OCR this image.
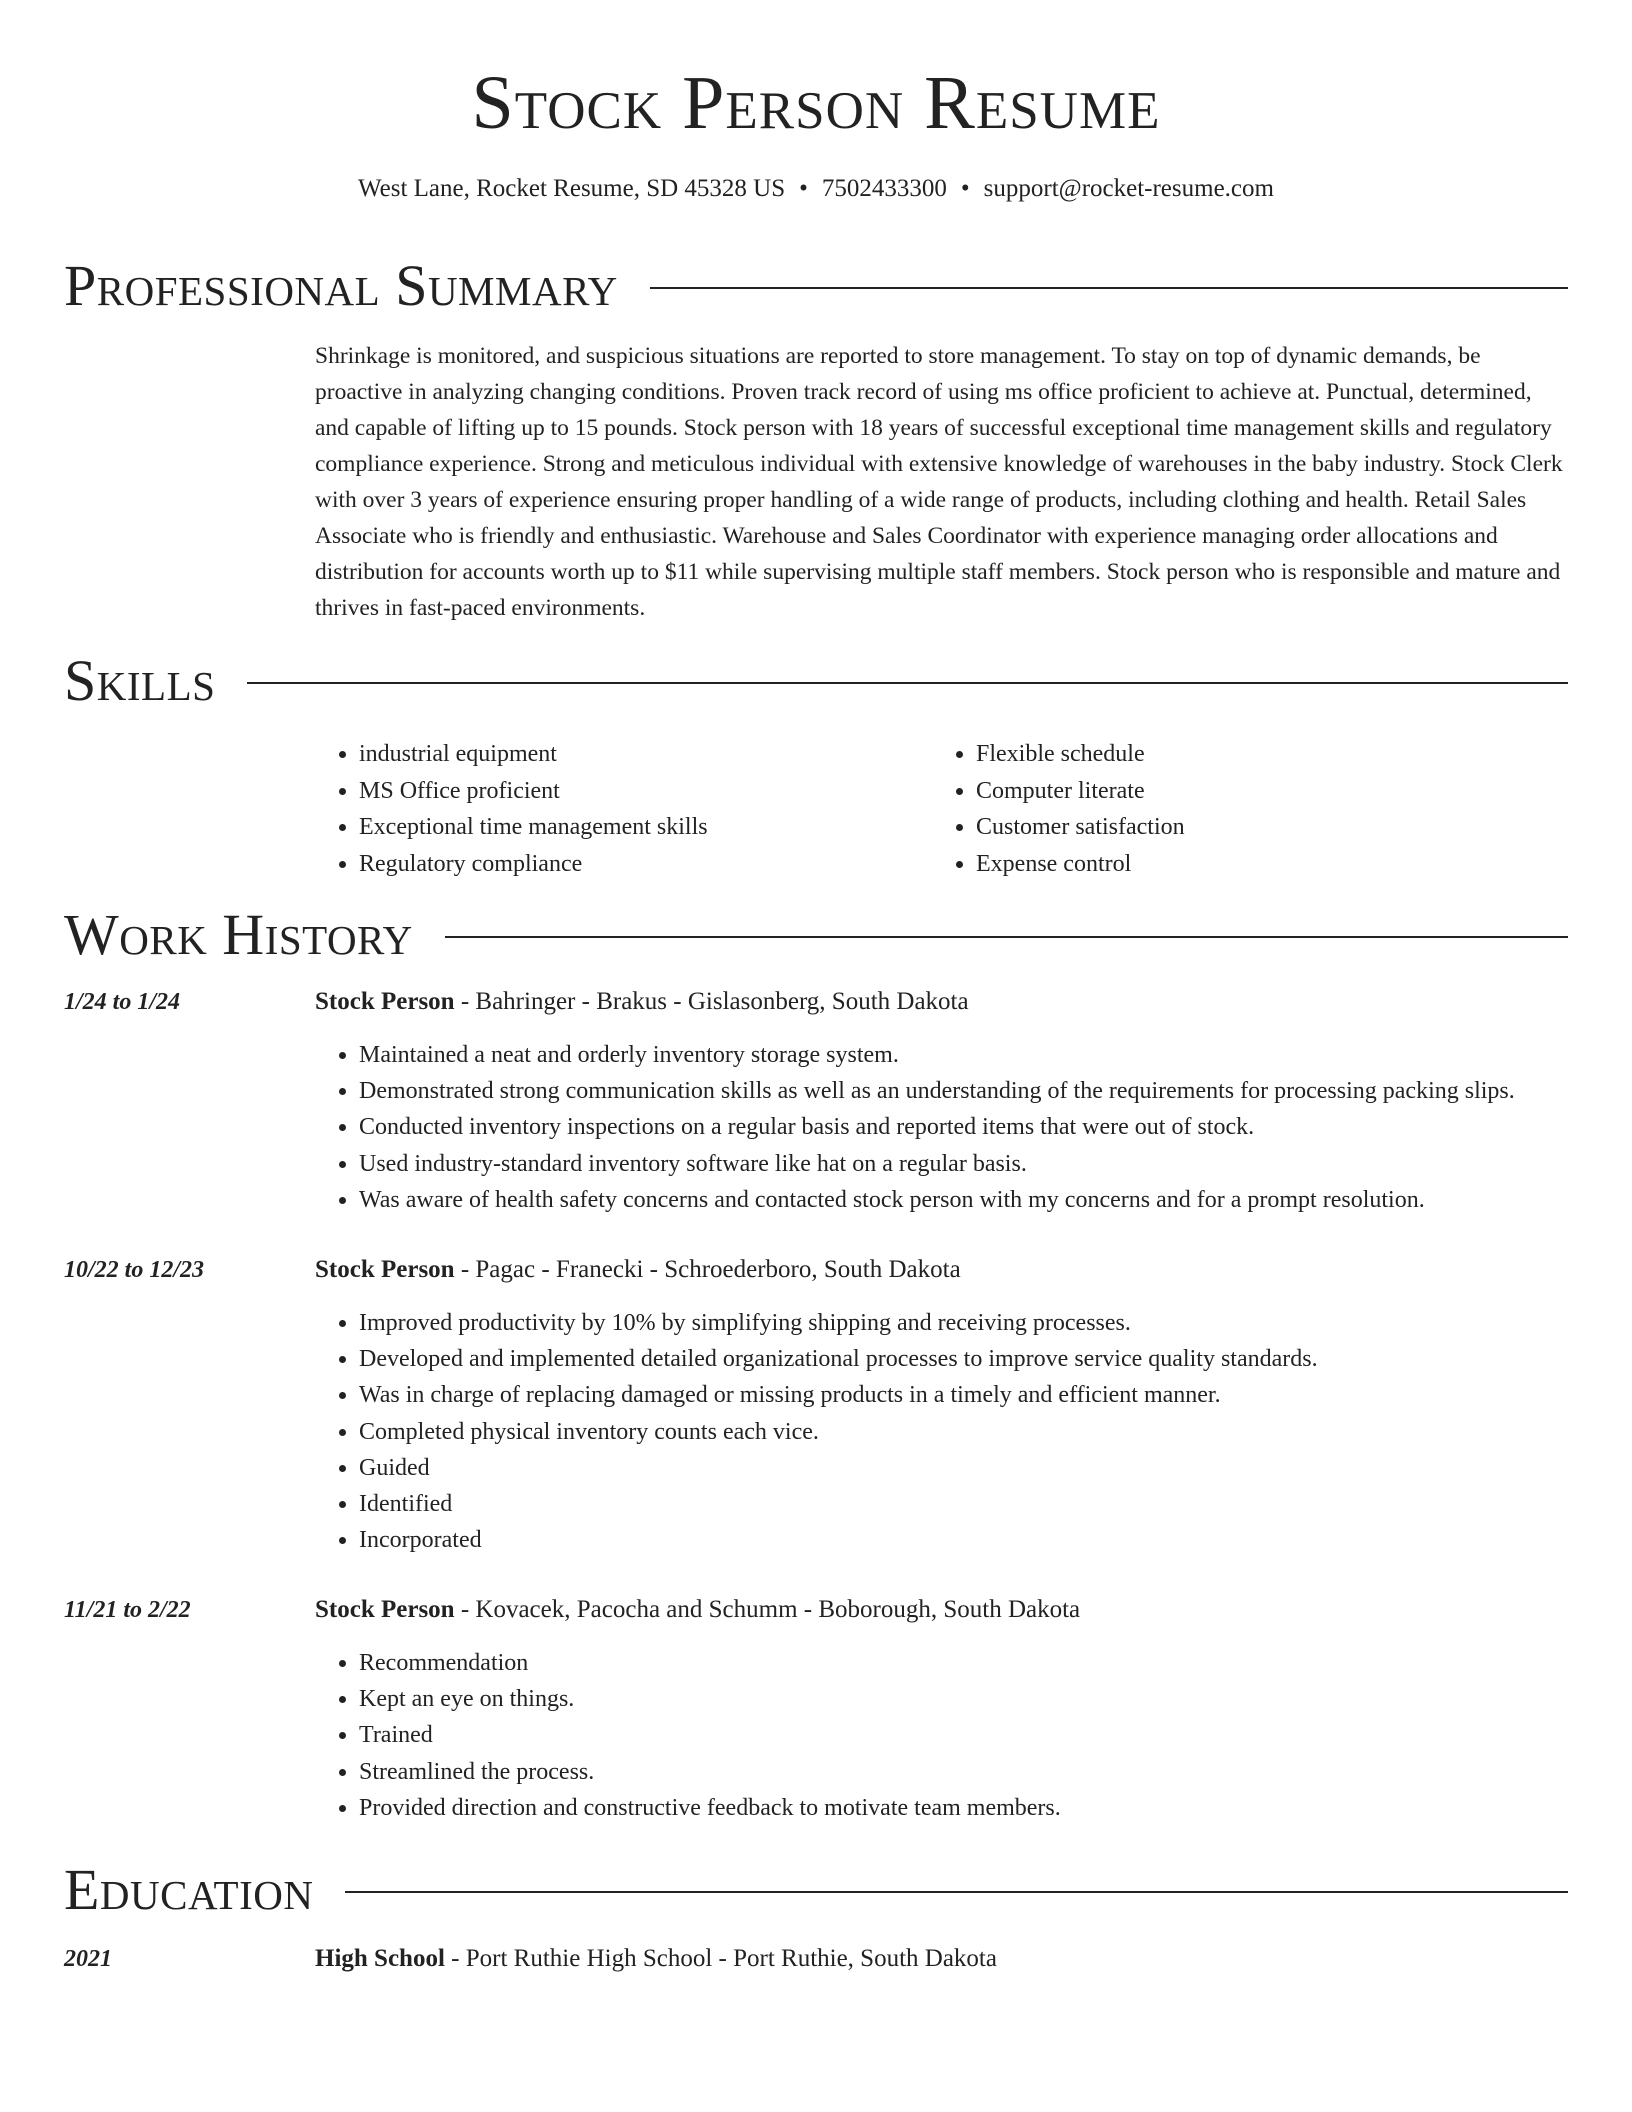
Stock Person Resume
West Lane, Rocket Resume, SD 45328 US • 7502433300 • support@rocket-resume.com
Professional Summary

Shrinkage is monitored, and suspicious situations are reported to store management. To stay on top of dynamic demands, be proactive in analyzing changing conditions. Proven track record of using ms office proficient to achieve at. Punctual, determined, and capable of lifting up to 15 pounds. Stock person with 18 years of successful exceptional time management skills and regulatory compliance experience. Strong and meticulous individual with extensive knowledge of warehouses in the baby industry. Stock Clerk with over 3 years of experience ensuring proper handling of a wide range of products, including clothing and health. Retail Sales Associate who is friendly and enthusiastic. Warehouse and Sales Coordinator with experience managing order allocations and distribution for accounts worth up to $11 while supervising multiple staff members. Stock person who is responsible and mature and thrives in fast-paced environments.

Skills
• industrial equipment
• MS Office proficient
• Exceptional time management skills
• Regulatory compliance
• Flexible schedule
• Computer literate
• Customer satisfaction
• Expense control
Work History
1/24 to 1/24	Stock Person - Bahringer - Brakus - Gislasonberg, South Dakota
• Maintained a neat and orderly inventory storage system.
• Demonstrated strong communication skills as well as an understanding of the requirements for processing packing slips.
• Conducted inventory inspections on a regular basis and reported items that were out of stock.
• Used industry-standard inventory software like hat on a regular basis.
• Was aware of health safety concerns and contacted stock person with my concerns and for a prompt resolution.
10/22 to 12/23	Stock Person - Pagac - Franecki - Schroederboro, South Dakota
• Improved productivity by 10% by simplifying shipping and receiving processes.
• Developed and implemented detailed organizational processes to improve service quality standards.
• Was in charge of replacing damaged or missing products in a timely and efficient manner.
• Completed physical inventory counts each vice.
• Guided
• Identified
• Incorporated
11/21 to 2/22	Stock Person - Kovacek, Pacocha and Schumm - Boborough, South Dakota
• Recommendation
• Kept an eye on things.
• Trained
• Streamlined the process.
• Provided direction and constructive feedback to motivate team members.
Education
2021	High School - Port Ruthie High School - Port Ruthie, South Dakota
